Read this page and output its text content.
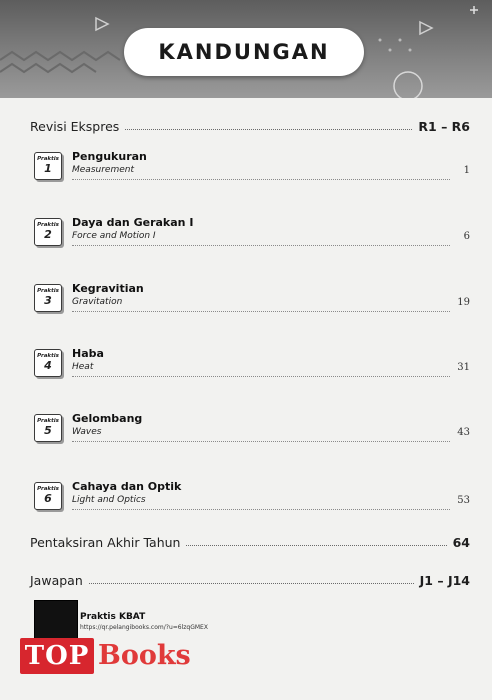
KANDUNGAN
Revisi Ekspres	R1 – R6
Praktis
1
Pengukuran
Measurement	1
Praktis
2
Daya dan Gerakan I
Force and Motion I	6
Praktis
3
Kegravitian
Gravitation	19
Praktis
4
Haba
Heat	31
Praktis
5
Gelombang
Waves	43
Praktis
6
Cahaya dan Optik
Light and Optics	53
Pentaksiran Akhir Tahun	64
Jawapan	J1 – J14
Praktis KBAT
https://qr.pelangibooks.com/?u=6lzqGMEX
TOP Books
